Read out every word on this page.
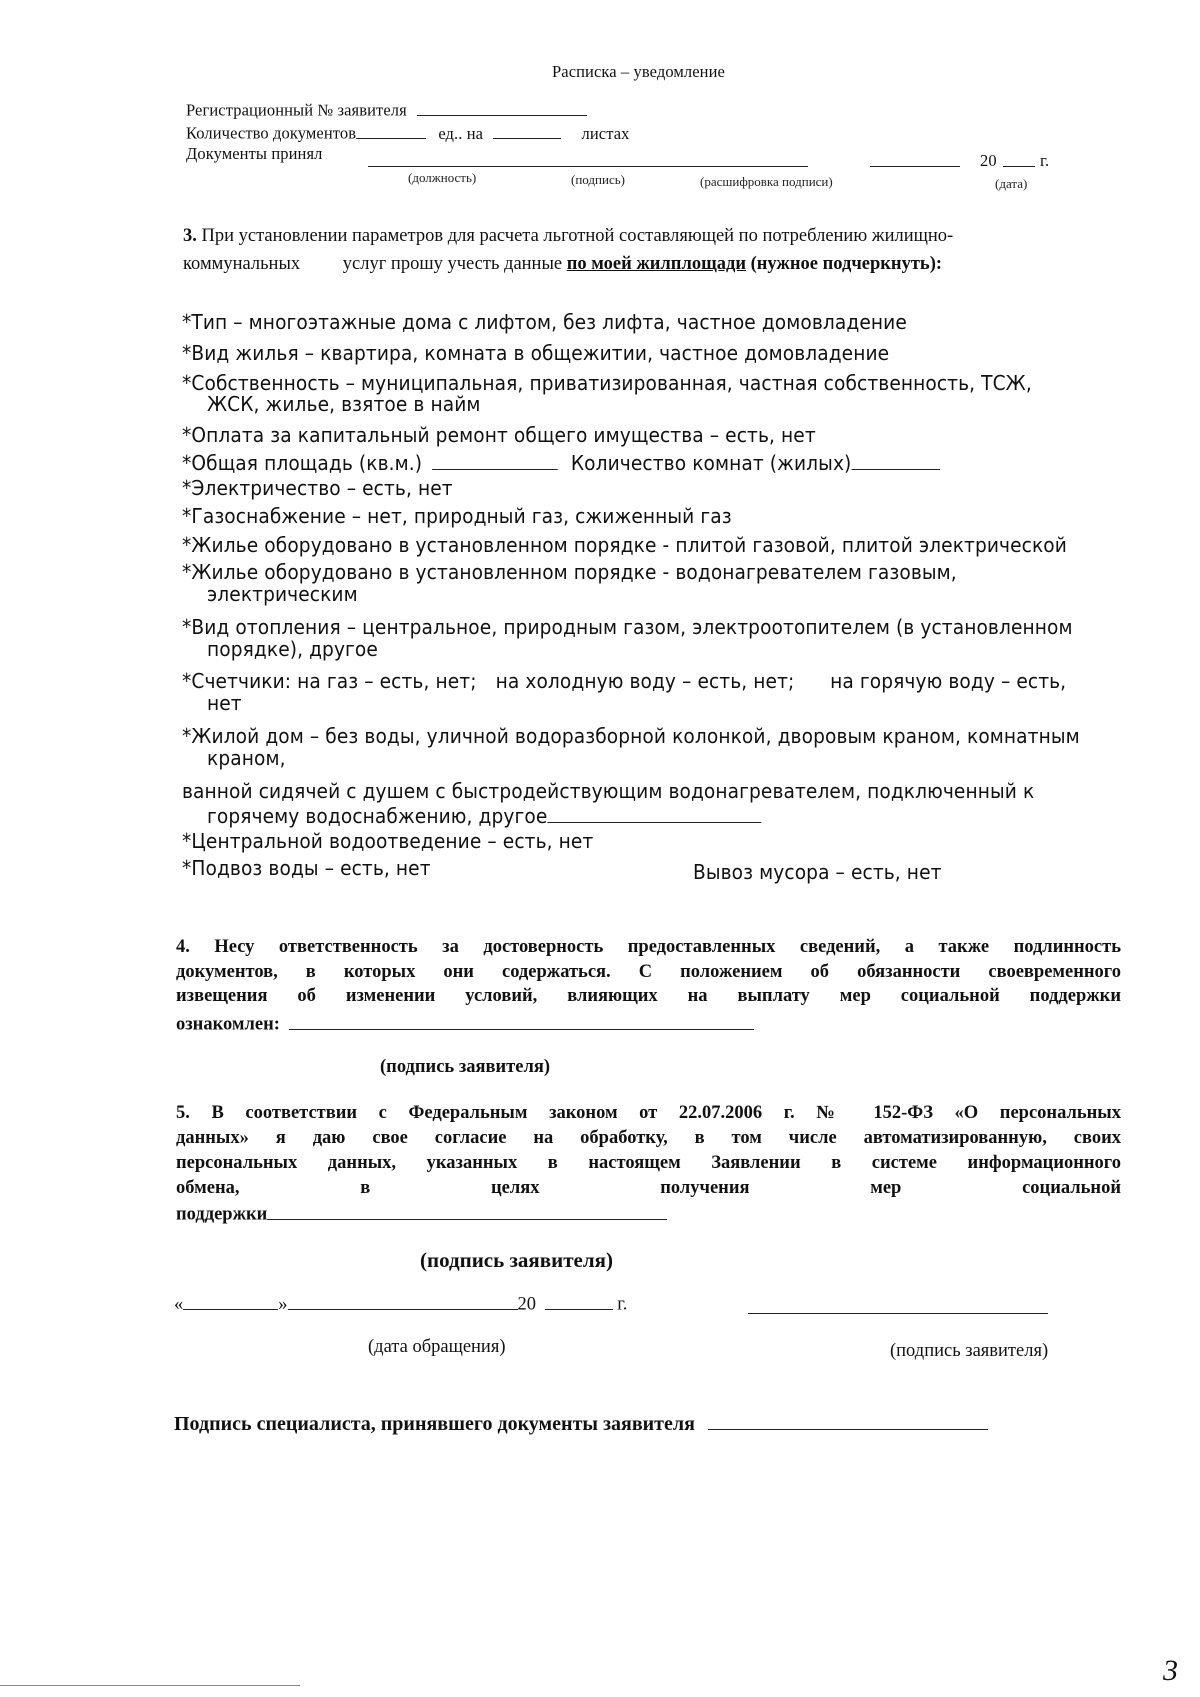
Расписка – уведомление
Регистрационный № заявителя
Количество документов	ед.. на	листах
Документы принял	20	г.
(должность)	(подпись)	(расшифровка подписи)	(дата)
3. При установлении параметров для расчета льготной составляющей по потреблению жилищно-
коммунальных услуг прошу учесть данные по моей жилплощади (нужное подчеркнуть):
*Тип – многоэтажные дома с лифтом, без лифта, частное домовладение
*Вид жилья – квартира, комната в общежитии, частное домовладение
*Собственность – муниципальная, приватизированная, частная собственность, ТСЖ,
ЖСК, жилье, взятое в найм
*Оплата за капитальный ремонт общего имущества – есть, нет
*Общая площадь (кв.м.)	Количество комнат (жилых)
*Электричество – есть, нет
*Газоснабжение – нет, природный газ, сжиженный газ
*Жилье оборудовано в установленном порядке - плитой газовой, плитой электрической
*Жилье оборудовано в установленном порядке - водонагревателем газовым,
электрическим
*Вид отопления – центральное, природным газом, электроотопителем (в установленном
порядке), другое
*Счетчики: на газ – есть, нет; на холодную воду – есть, нет; на горячую воду – есть,
нет
*Жилой дом – без воды, уличной водоразборной колонкой, дворовым краном, комнатным
краном,
ванной сидячей с душем с быстродействующим водонагревателем, подключенный к
горячему водоснабжению, другое
*Центральной водоотведение – есть, нет
*Подвоз воды – есть, нет	Вывоз мусора – есть, нет
4. Несу ответственность за достоверность предоставленных сведений, а также подлинность
документов, в которых они содержаться. С положением об обязанности своевременного
извещения об изменении условий, влияющих на выплату мер социальной поддержки
ознакомлен:
(подпись заявителя)
5. В соответствии с Федеральным законом от 22.07.2006 г. № 152-ФЗ «О персональных
данных» я даю свое согласие на обработку, в том числе автоматизированную, своих
персональных данных, указанных в настоящем Заявлении в системе информационного
обмена, в целях получения мер социальной
поддержки
(подпись заявителя)
«	»	20	г.
(дата обращения)	(подпись заявителя)
Подпись специалиста, принявшего документы заявителя
3
